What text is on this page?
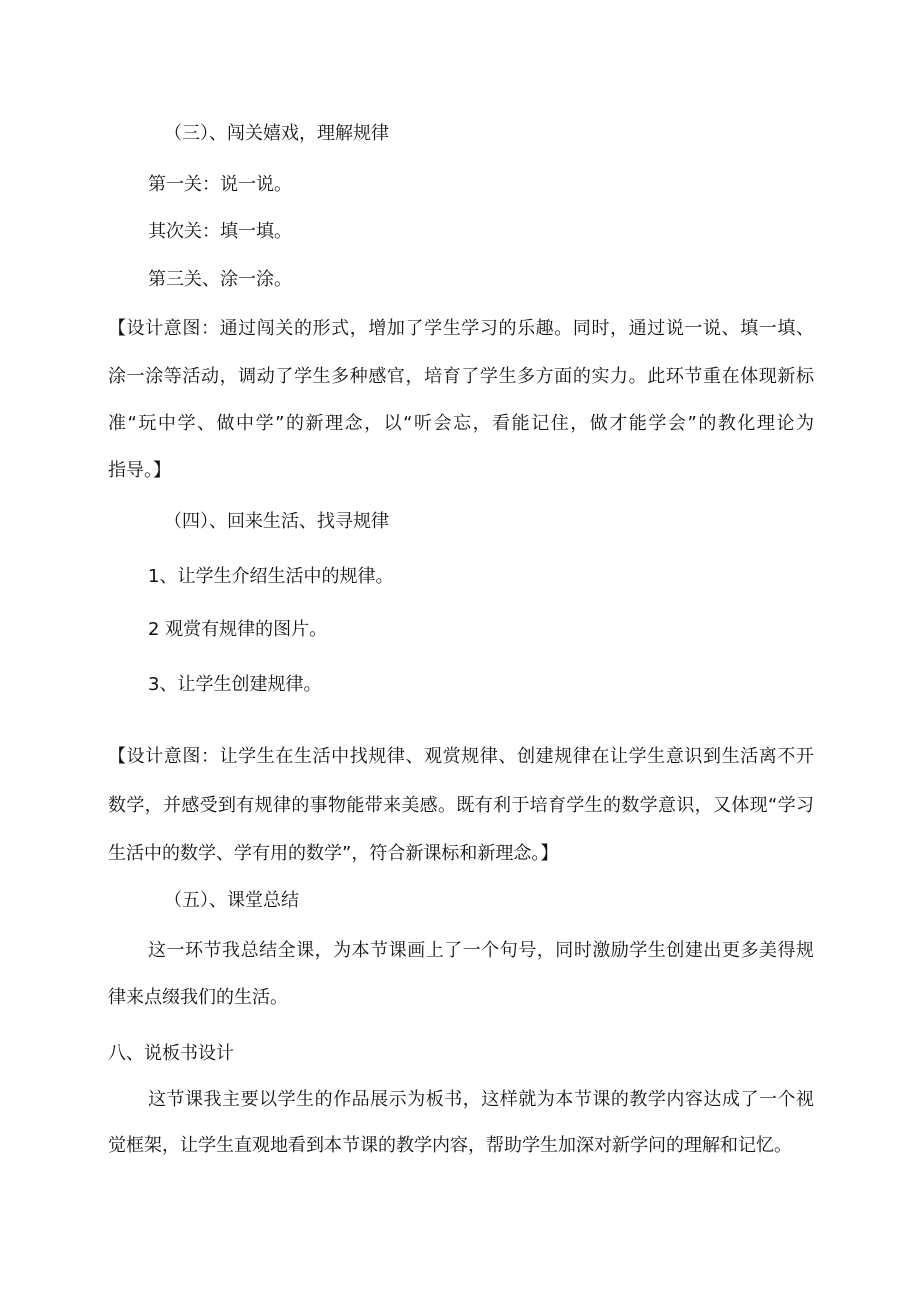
（三）、闯关嬉戏，理解规律
第一关：说一说。
其次关：填一填。
第三关、涂一涂。
【设计意图：通过闯关的形式，增加了学生学习的乐趣。同时，通过说一说、填一填、
涂一涂等活动，调动了学生多种感官，培育了学生多方面的实力。此环节重在体现新标
准“玩中学、做中学”的新理念，以“听会忘，看能记住，做才能学会”的教化理论为
指导。】
（四）、回来生活、找寻规律
1、让学生介绍生活中的规律。
2 观赏有规律的图片。
3、让学生创建规律。
【设计意图：让学生在生活中找规律、观赏规律、创建规律在让学生意识到生活离不开
数学，并感受到有规律的事物能带来美感。既有利于培育学生的数学意识，又体现“学习
生活中的数学、学有用的数学”，符合新课标和新理念。】
（五）、课堂总结
这一环节我总结全课，为本节课画上了一个句号，同时激励学生创建出更多美得规
律来点缀我们的生活。
八、说板书设计
这节课我主要以学生的作品展示为板书，这样就为本节课的教学内容达成了一个视
觉框架，让学生直观地看到本节课的教学内容，帮助学生加深对新学问的理解和记忆。
